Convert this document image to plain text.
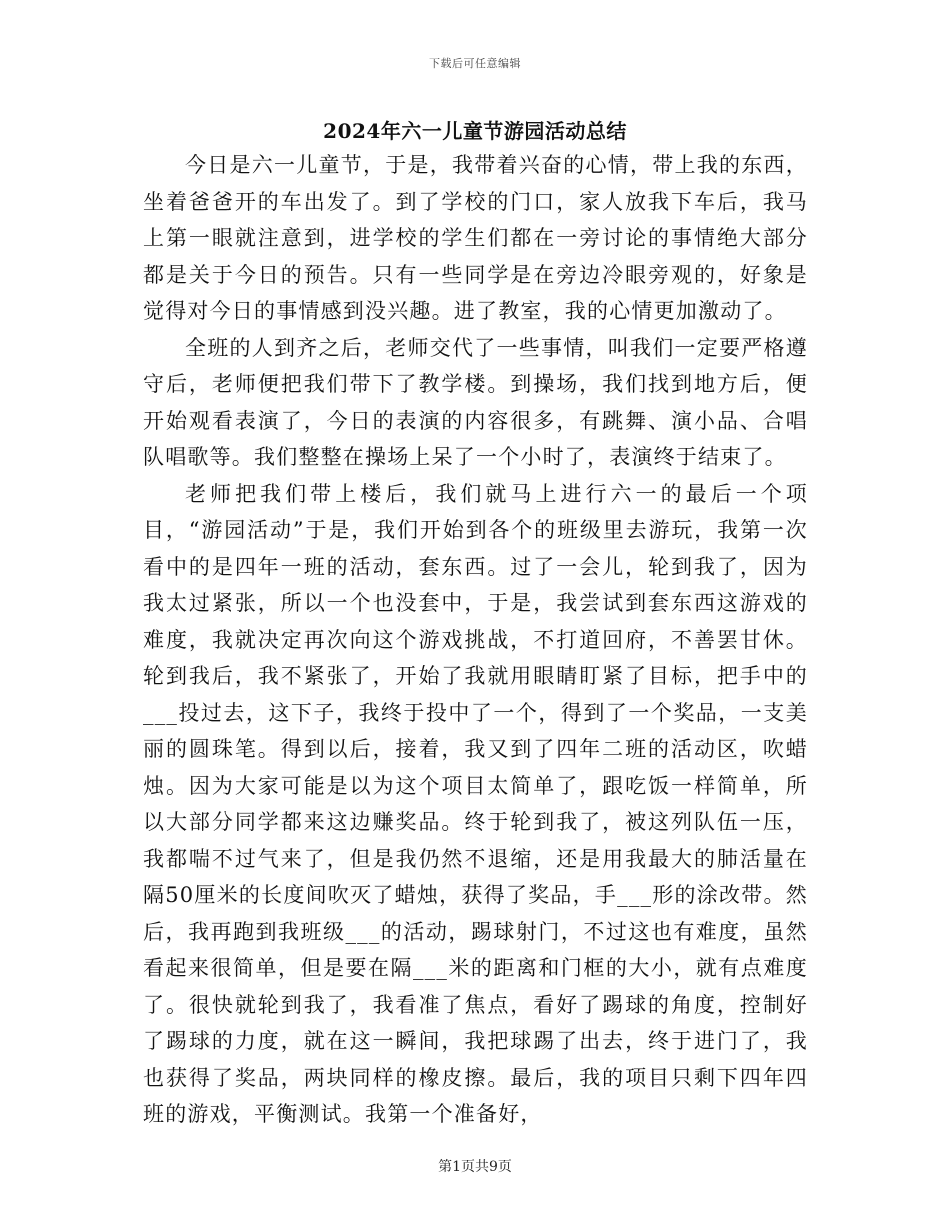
下载后可任意编辑
2024年六一儿童节游园活动总结

今日是六一儿童节，于是，我带着兴奋的心情，带上我的东西，坐着爸爸开的车出发了。到了学校的门口，家人放我下车后，我马上第一眼就注意到，进学校的学生们都在一旁讨论的事情绝大部分都是关于今日的预告。只有一些同学是在旁边冷眼旁观的，好象是觉得对今日的事情感到没兴趣。进了教室，我的心情更加激动了。

全班的人到齐之后，老师交代了一些事情，叫我们一定要严格遵守后，老师便把我们带下了教学楼。到操场，我们找到地方后，便开始观看表演了，今日的表演的内容很多，有跳舞、演小品、合唱队唱歌等。我们整整在操场上呆了一个小时了，表演终于结束了。

老师把我们带上楼后，我们就马上进行六一的最后一个项目，“游园活动”于是，我们开始到各个的班级里去游玩，我第一次看中的是四年一班的活动，套东西。过了一会儿，轮到我了，因为我太过紧张，所以一个也没套中，于是，我尝试到套东西这游戏的难度，我就决定再次向这个游戏挑战，不打道回府，不善罢甘休。轮到我后，我不紧张了，开始了我就用眼睛盯紧了目标，把手中的___投过去，这下子，我终于投中了一个，得到了一个奖品，一支美丽的圆珠笔。得到以后，接着，我又到了四年二班的活动区，吹蜡烛。因为大家可能是以为这个项目太简单了，跟吃饭一样简单，所以大部分同学都来这边赚奖品。终于轮到我了，被这列队伍一压，我都喘不过气来了，但是我仍然不退缩，还是用我最大的肺活量在隔50厘米的长度间吹灭了蜡烛，获得了奖品，手___形的涂改带。然后，我再跑到我班级___的活动，踢球射门，不过这也有难度，虽然看起来很简单，但是要在隔___米的距离和门框的大小，就有点难度了。很快就轮到我了，我看准了焦点，看好了踢球的角度，控制好了踢球的力度，就在这一瞬间，我把球踢了出去，终于进门了，我也获得了奖品，两块同样的橡皮擦。最后，我的项目只剩下四年四班的游戏，平衡测试。我第一个准备好，

第1页共9页
